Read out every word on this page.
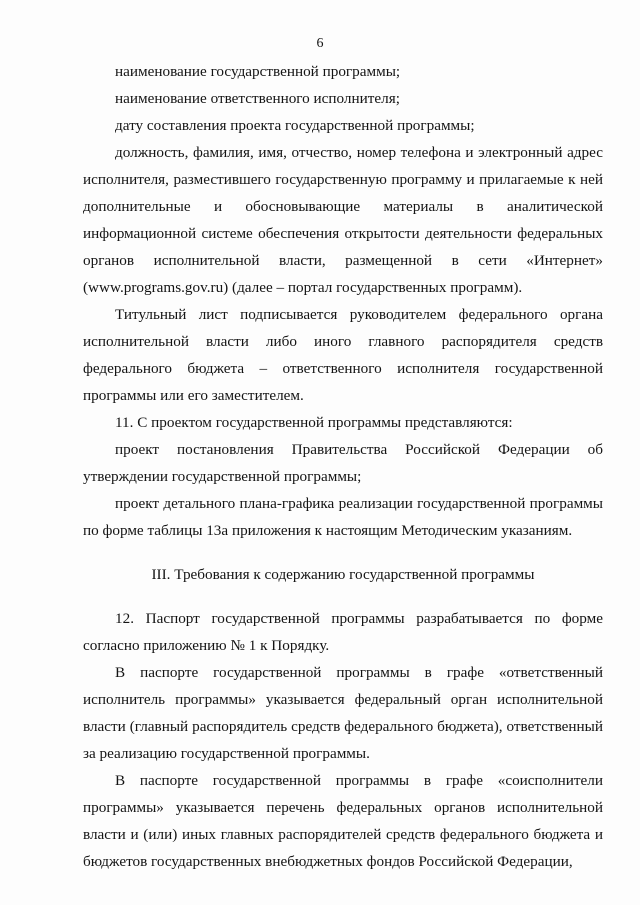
6

наименование государственной программы;

наименование ответственного исполнителя;

дату составления проекта государственной программы;

должность, фамилия, имя, отчество, номер телефона и электронный адрес исполнителя, разместившего государственную программу и прилагаемые к ней дополнительные и обосновывающие материалы в аналитической информационной системе обеспечения открытости деятельности федеральных органов исполнительной власти, размещенной в сети «Интернет» (www.programs.gov.ru) (далее – портал государственных программ).

Титульный лист подписывается руководителем федерального органа исполнительной власти либо иного главного распорядителя средств федерального бюджета – ответственного исполнителя государственной программы или его заместителем.

11. С проектом государственной программы представляются:

проект постановления Правительства Российской Федерации об утверждении государственной программы;

проект детального плана-графика реализации государственной программы по форме таблицы 13а приложения к настоящим Методическим указаниям.

III. Требования к содержанию государственной программы

12. Паспорт государственной программы разрабатывается по форме согласно приложению № 1 к Порядку.

В паспорте государственной программы в графе «ответственный исполнитель программы» указывается федеральный орган исполнительной власти (главный распорядитель средств федерального бюджета), ответственный за реализацию государственной программы.

В паспорте государственной программы в графе «соисполнители программы» указывается перечень федеральных органов исполнительной власти и (или) иных главных распорядителей средств федерального бюджета и бюджетов государственных внебюджетных фондов Российской Федерации,
